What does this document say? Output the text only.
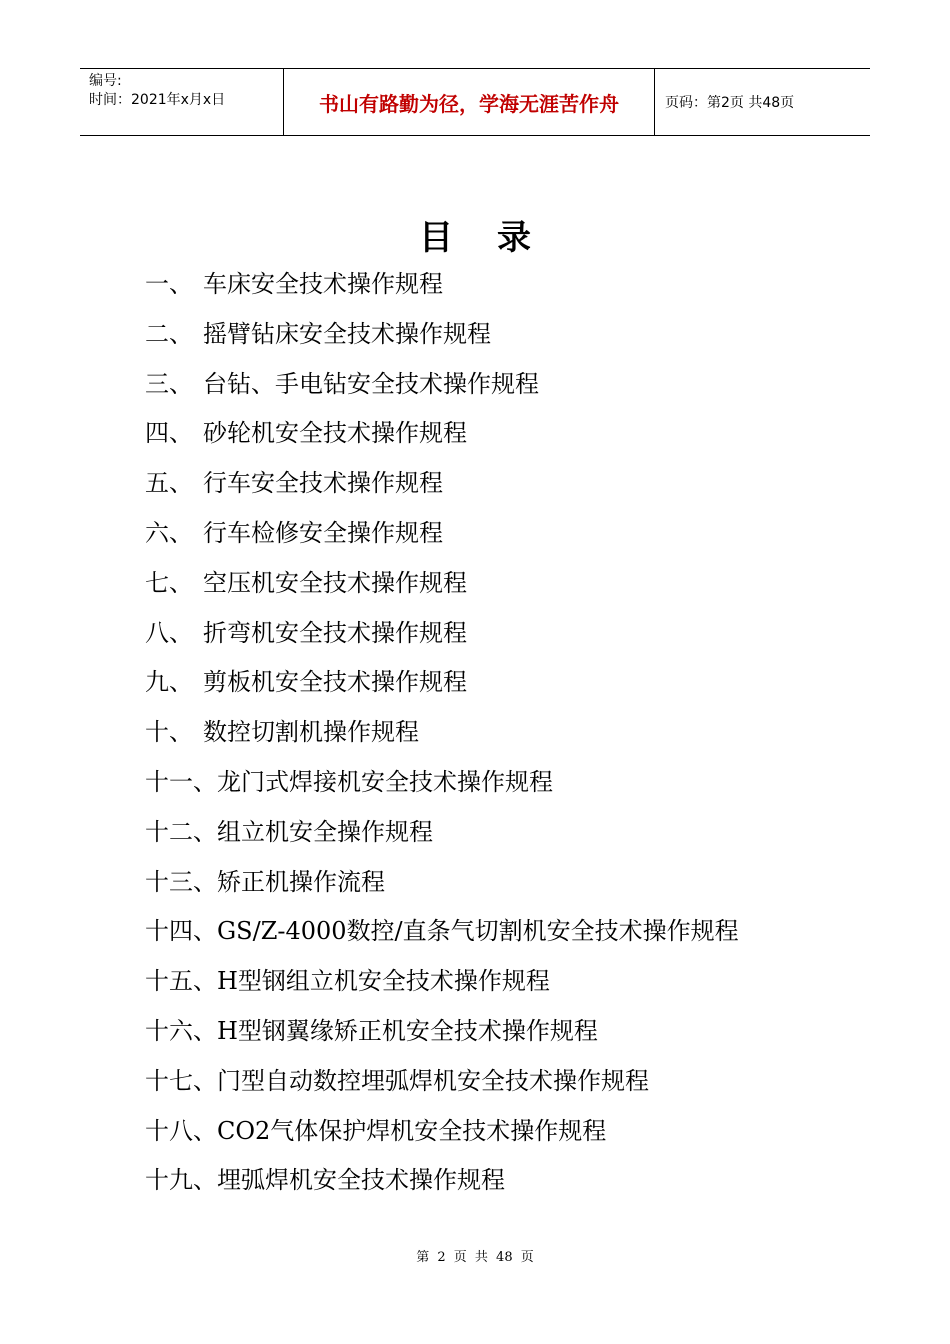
编号:
时间：2021年x月x日	书山有路勤为径，学海无涯苦作舟	页码：第2页 共48页
目录
一、 车床安全技术操作规程
二、 摇臂钻床安全技术操作规程
三、 台钻、手电钻安全技术操作规程
四、 砂轮机安全技术操作规程
五、 行车安全技术操作规程
六、 行车检修安全操作规程
七、 空压机安全技术操作规程
八、 折弯机安全技术操作规程
九、 剪板机安全技术操作规程
十、 数控切割机操作规程
十一、龙门式焊接机安全技术操作规程
十二、组立机安全操作规程
十三、矫正机操作流程
十四、GS/Z-4000数控/直条气切割机安全技术操作规程
十五、H型钢组立机安全技术操作规程
十六、H型钢翼缘矫正机安全技术操作规程
十七、门型自动数控埋弧焊机安全技术操作规程
十八、CO2气体保护焊机安全技术操作规程
十九、埋弧焊机安全技术操作规程
第 2 页 共 48 页
